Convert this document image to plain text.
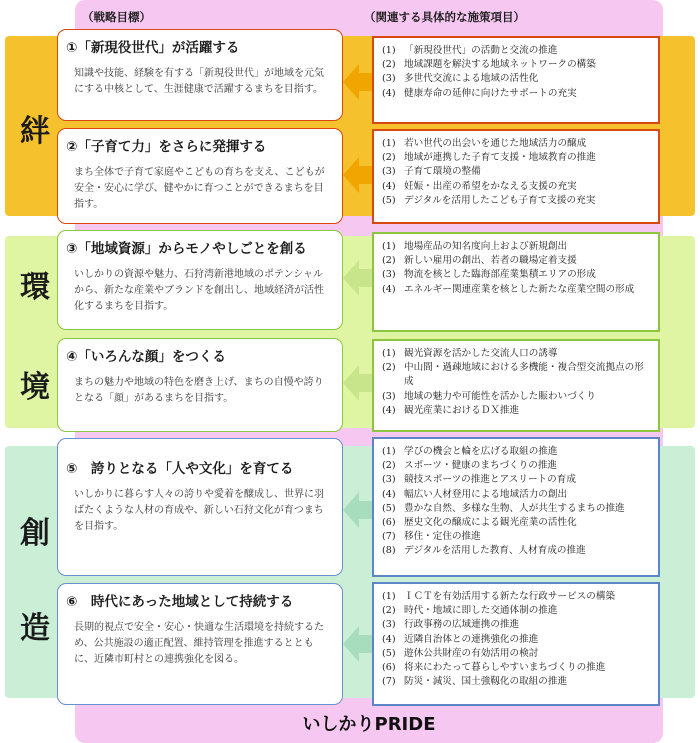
（戦略目標）	（関連する具体的な施策項目）
絆
環
境
創
造
①「新現役世代」が活躍する
知識や技能、経験を有する「新現役世代」が地域を元気にする中核として、生涯健康で活躍するまちを目指す。
②「子育て力」をさらに発揮する
まち全体で子育て家庭やこどもの育ちを支え、こどもが安全・安心に学び、健やかに育つことができるまちを目指す。
③「地域資源」からモノやしごとを創る
いしかりの資源や魅力、石狩湾新港地域のポテンシャルから、新たな産業やブランドを創出し、地域経済が活性化するまちを目指す。
④「いろんな顔」をつくる
まちの魅力や地域の特色を磨き上げ、まちの自慢や誇りとなる「顔」があるまちを目指す。
⑤　誇りとなる「人や文化」を育てる
いしかりに暮らす人々の誇りや愛着を醸成し、世界に羽ばたくような人材の育成や、新しい石狩文化が育つまちを目指す。
⑥　時代にあった地域として持続する
長期的視点で安全・安心・快適な生活環境を持続するため、公共施設の適正配置、維持管理を推進するとともに、近隣市町村との連携強化を図る。
(1) 「新現役世代」の活動と交流の推進
(2) 地域課題を解決する地域ネットワークの構築
(3) 多世代交流による地域の活性化
(4) 健康寿命の延伸に向けたサポートの充実
(1) 若い世代の出会いを通じた地域活力の醸成
(2) 地域が連携した子育て支援・地域教育の推進
(3) 子育て環境の整備
(4) 妊娠・出産の希望をかなえる支援の充実
(5) デジタルを活用したこども子育て支援の充実
(1) 地場産品の知名度向上および新規創出
(2) 新しい雇用の創出、若者の職場定着支援
(3) 物流を核とした臨海部産業集積エリアの形成
(4) エネルギー関連産業を核とした新たな産業空間の形成
(1) 観光資源を活かした交流人口の誘導
(2) 中山間・過疎地域における多機能・複合型交流拠点の形成
(3) 地域の魅力や可能性を活かした賑わいづくり
(4) 観光産業におけるＤＸ推進
(1) 学びの機会と輪を広げる取組の推進
(2) スポーツ・健康のまちづくりの推進
(3) 競技スポーツの推進とアスリートの育成
(4) 幅広い人材登用による地域活力の創出
(5) 豊かな自然、多様な生物、人が共生するまちの推進
(6) 歴史文化の醸成による観光産業の活性化
(7) 移住・定住の推進
(8) デジタルを活用した教育、人材育成の推進
(1) ＩＣＴを有効活用する新たな行政サービスの構築
(2) 時代・地域に即した交通体制の推進
(3) 行政事務の広域連携の推進
(4) 近隣自治体との連携強化の推進
(5) 遊休公共財産の有効活用の検討
(6) 将来にわたって暮らしやすいまちづくりの推進
(7) 防災・減災、国土強靱化の取組の推進
いしかりPRIDE
